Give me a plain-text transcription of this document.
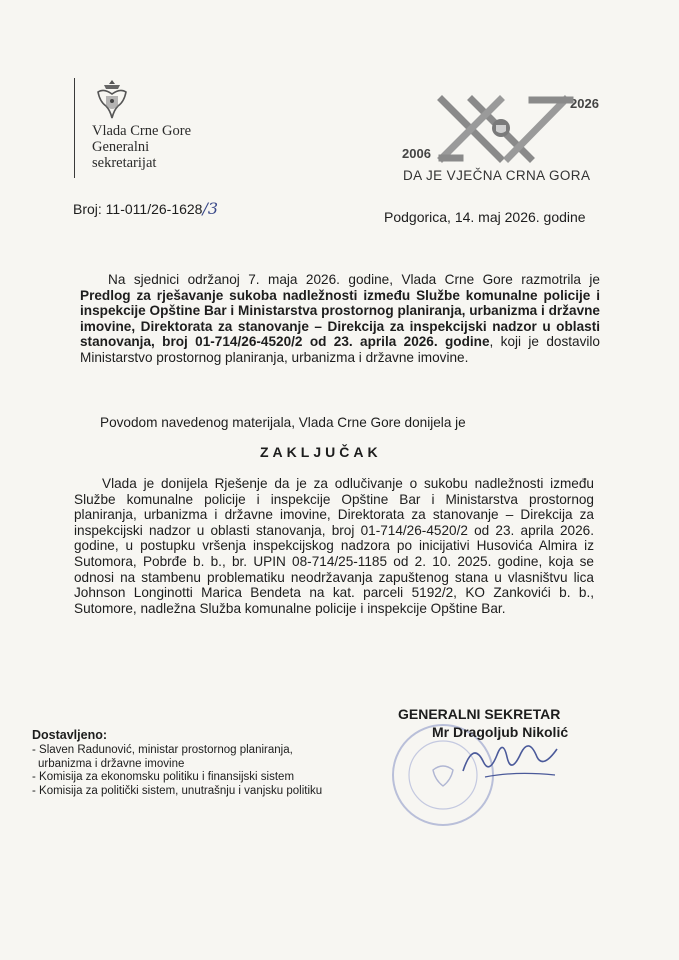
Vlada Crne Gore
Generalni
sekretarijat
2006
2026
DA JE VJEČNA CRNA GORA
Broj: 11-011/26-1628/3	Podgorica, 14. maj 2026. godine
Na sjednici održanoj 7. maja 2026. godine, Vlada Crne Gore razmotrila je Predlog za rješavanje sukoba nadležnosti između Službe komunalne policije i inspekcije Opštine Bar i Ministarstva prostornog planiranja, urbanizma i državne imovine, Direktorata za stanovanje – Direkcija za inspekcijski nadzor u oblasti stanovanja, broj 01-714/26-4520/2 od 23. aprila 2026. godine, koji je dostavilo Ministarstvo prostornog planiranja, urbanizma i državne imovine.
Povodom navedenog materijala, Vlada Crne Gore donijela je
ZAKLJUČAK
Vlada je donijela Rješenje da je za odlučivanje o sukobu nadležnosti između Službe komunalne policije i inspekcije Opštine Bar i Ministarstva prostornog planiranja, urbanizma i državne imovine, Direktorata za stanovanje – Direkcija za inspekcijski nadzor u oblasti stanovanja, broj 01-714/26-4520/2 od 23. aprila 2026. godine, u postupku vršenja inspekcijskog nadzora po inicijativi Husovića Almira iz Sutomora, Pobrđe b. b., br. UPIN 08-714/25-1185 od 2. 10. 2025. godine, koja se odnosi na stambenu problematiku neodržavanja zapuštenog stana u vlasništvu lica Johnson Longinotti Marica Bendeta na kat. parceli 5192/2, KO Zankovići b. b., Sutomore, nadležna Služba komunalne policije i inspekcije Opštine Bar.
GENERALNI SEKRETAR
Mr Dragoljub Nikolić
Dostavljeno:
- Slaven Radunović, ministar prostornog planiranja,
urbanizma i državne imovine
- Komisija za ekonomsku politiku i finansijski sistem
- Komisija za politički sistem, unutrašnju i vanjsku politiku
